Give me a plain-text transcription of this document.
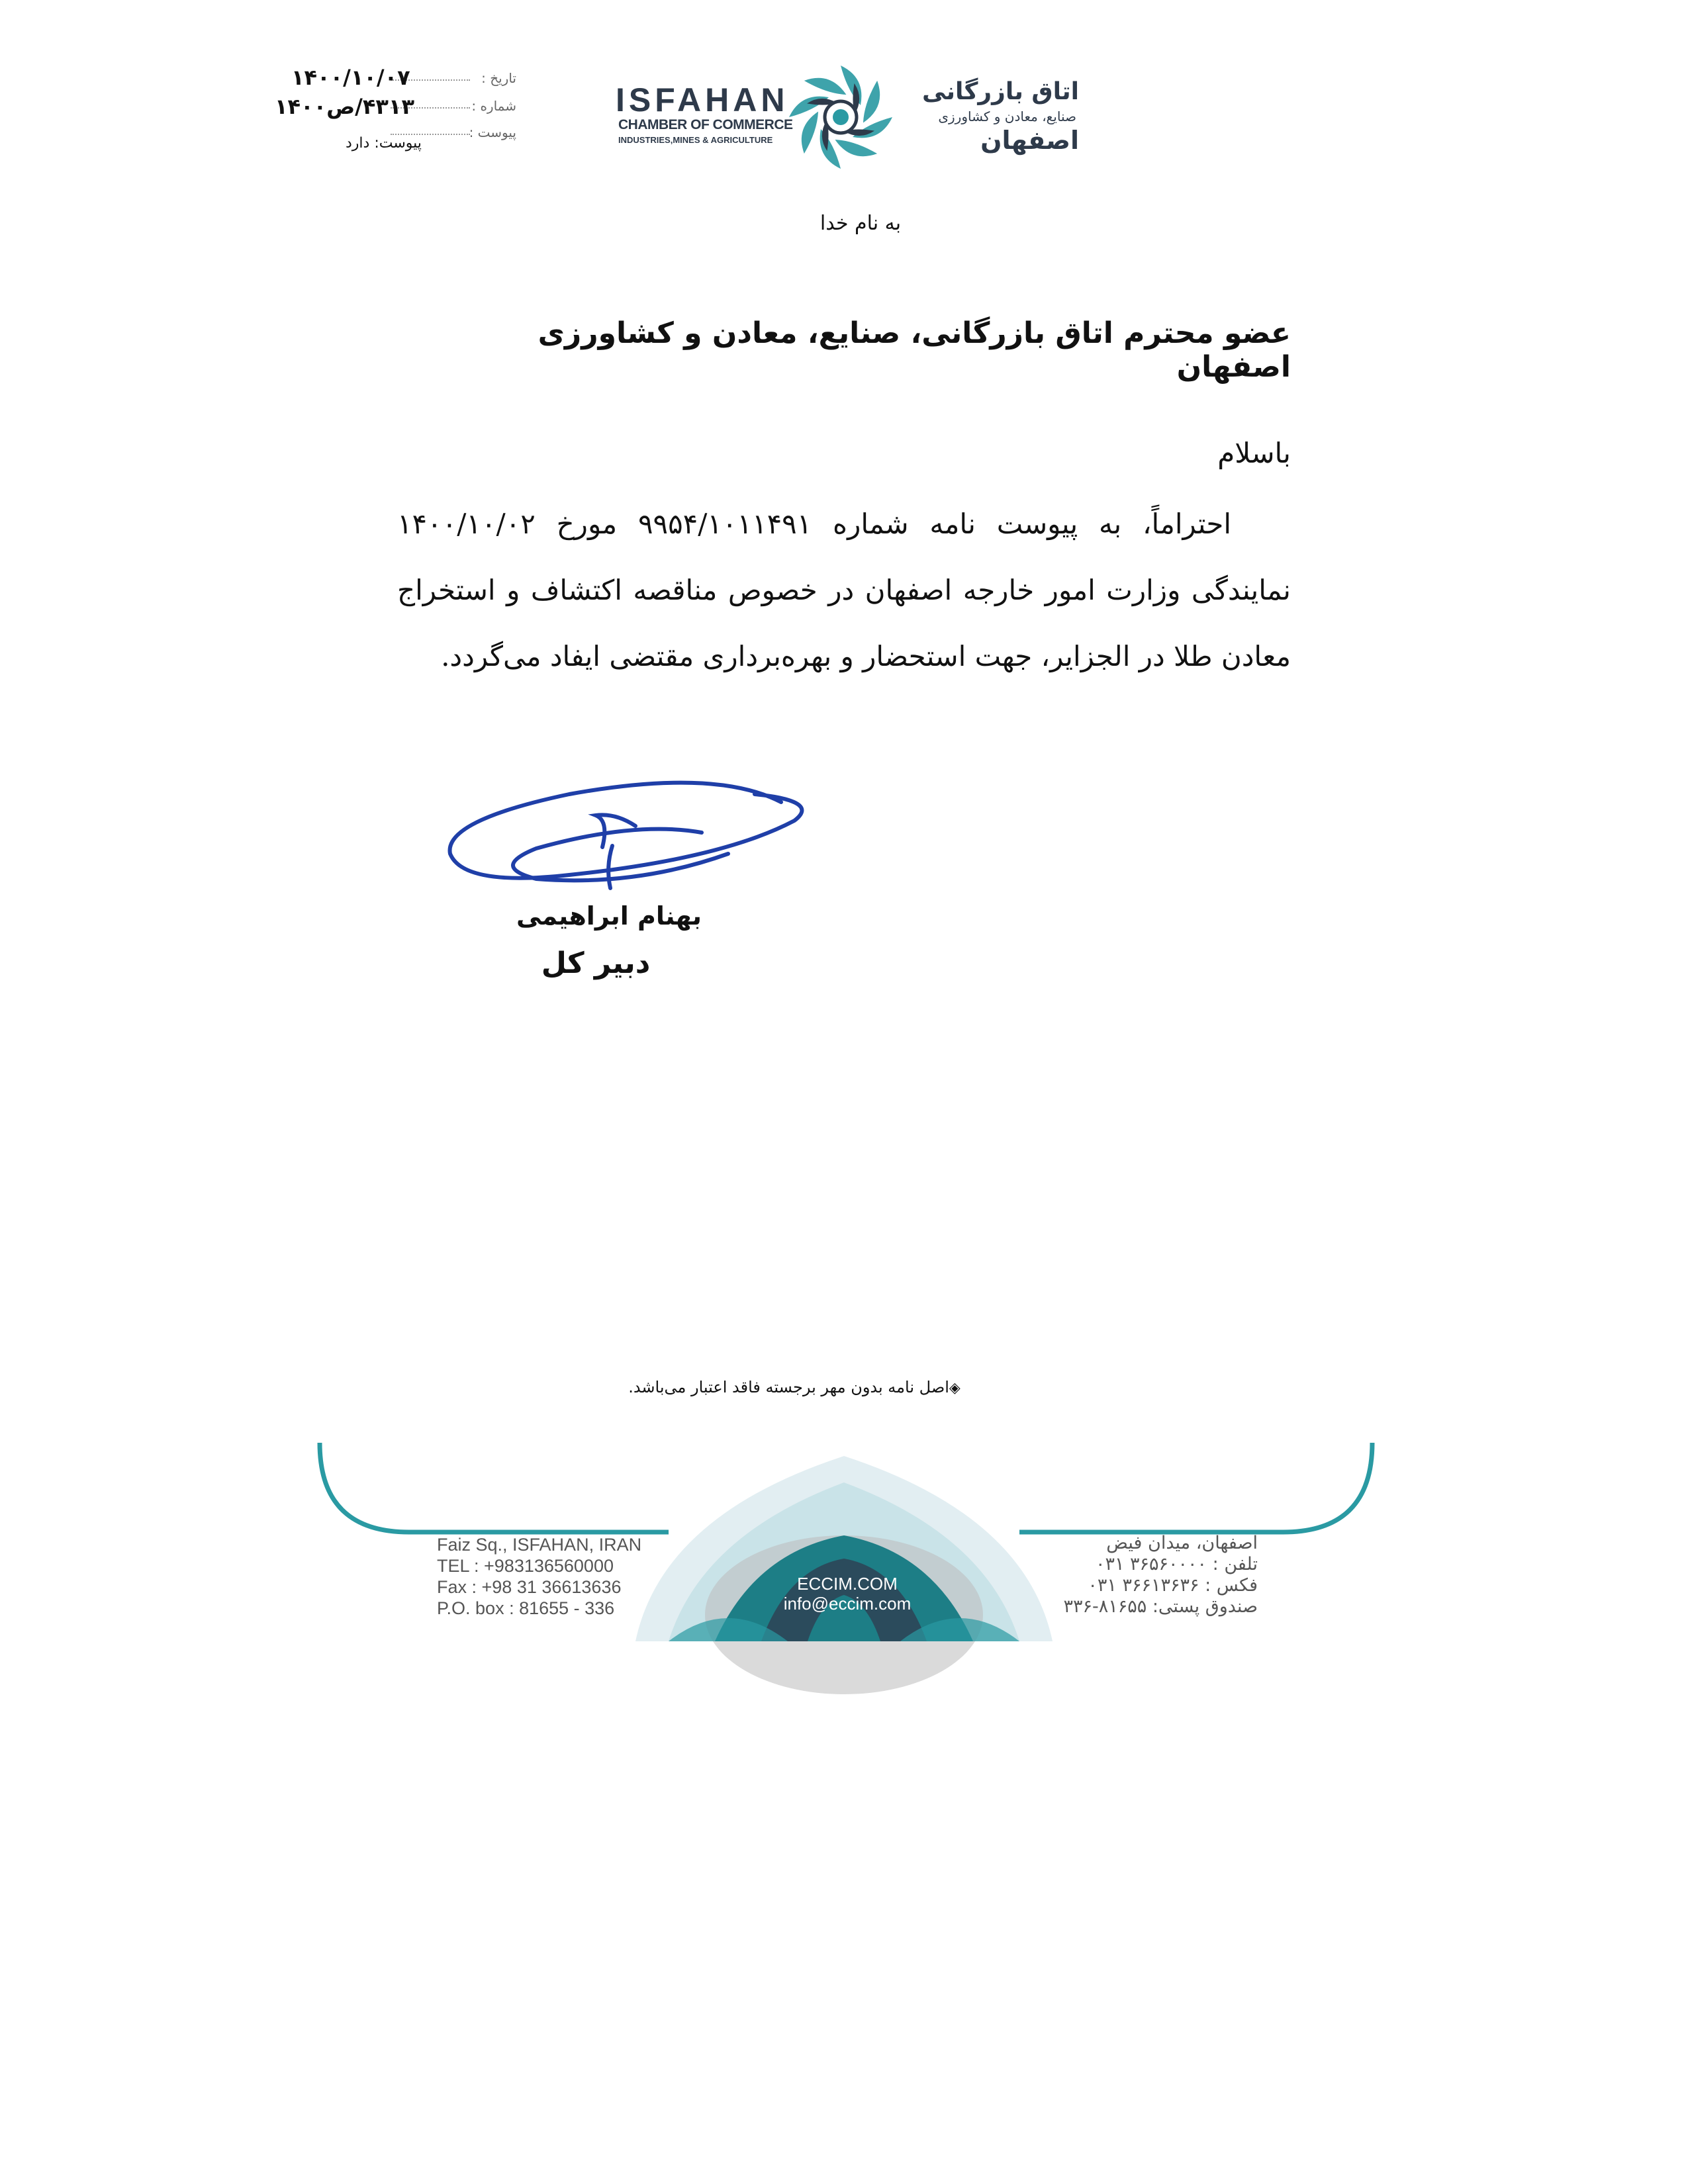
تاریخ :
۱۴۰۰/۱۰/۰۷
شماره :
۴۳۱۳/ص۱۴۰۰
پیوست :
پیوست: دارد
ISFAHAN
CHAMBER OF COMMERCE
INDUSTRIES,MINES & AGRICULTURE
اتاق بازرگانی
صنایع، معادن و کشاورزی
اصفهان
به نام خدا
عضو محترم اتاق بازرگانی، صنایع، معادن و کشاورزی اصفهان
باسلام
احتراماً، به پیوست نامه شماره ۹۹۵۴/۱۰۱۱۴۹۱ مورخ ۱۴۰۰/۱۰/۰۲ نمایندگی وزارت امور خارجه اصفهان در خصوص مناقصه اکتشاف و استخراج معادن طلا در الجزایر، جهت استحضار و بهره‌برداری مقتضی ایفاد می‌گردد.
بهنام ابراهیمی
دبیر کل
◈اصل نامه بدون مهر برجسته فاقد اعتبار می‌باشد.
Faiz Sq., ISFAHAN, IRAN
TEL : +983136560000
Fax : +98 31 36613636
P.O. box : 81655 - 336
ECCIM.COM
info@eccim.com
اصفهان، میدان فیض
تلفن : ۳۶۵۶۰۰۰۰ ۰۳۱
فکس : ۳۶۶۱۳۶۳۶ ۰۳۱
صندوق پستی: ۸۱۶۵۵-۳۳۶
